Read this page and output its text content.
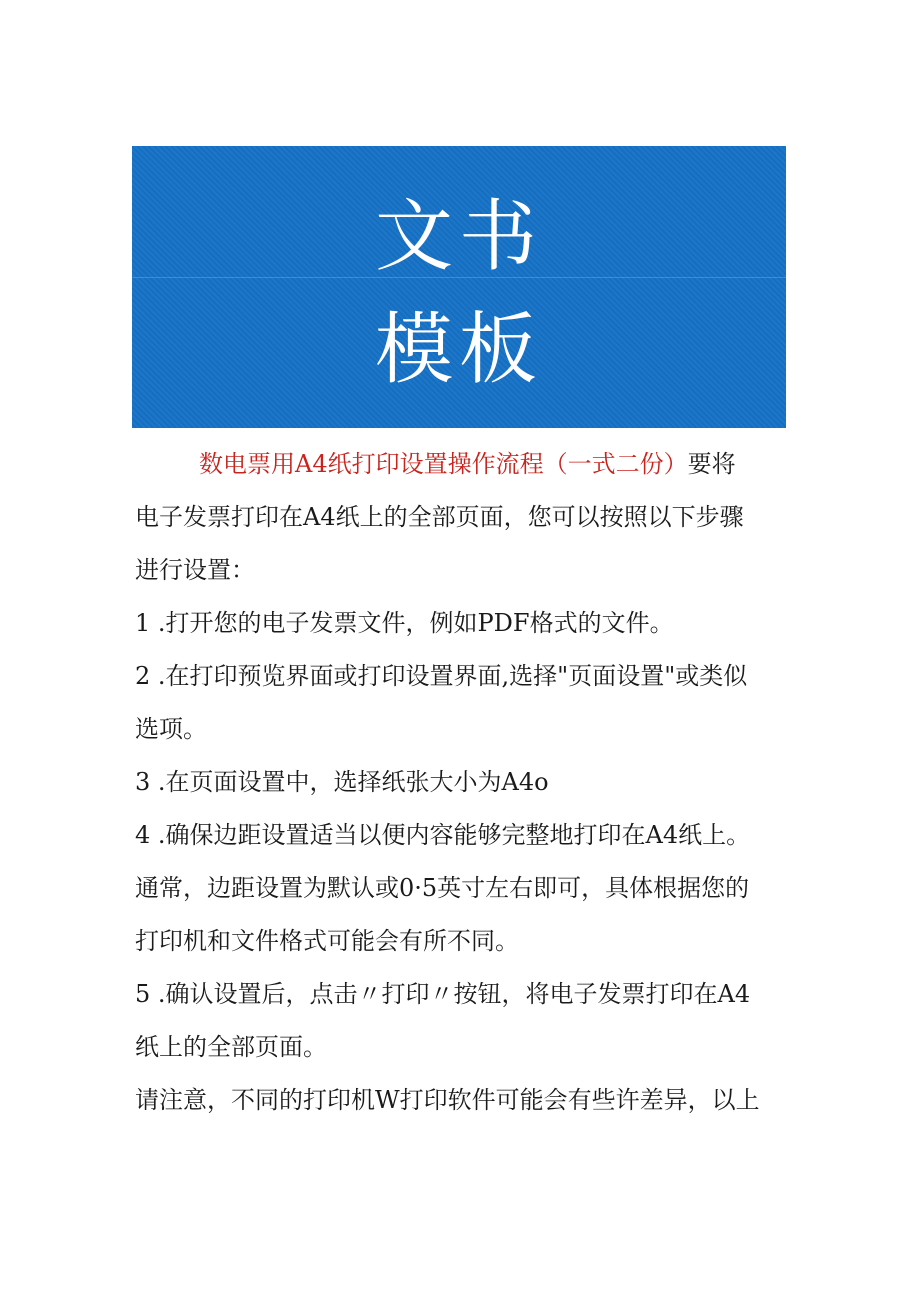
文书
模板
数电票用A4纸打印设置操作流程（一式二份）要将
电子发票打印在A4纸上的全部页面，您可以按照以下步骤
进行设置：
1 .打开您的电子发票文件，例如PDF格式的文件。
2 .在打印预览界面或打印设置界面,选择"页面设置"或类似
选项。
3 .在页面设置中，选择纸张大小为A4o
4 .确保边距设置适当以便内容能够完整地打印在A4纸上。
通常，边距设置为默认或0·5英寸左右即可，具体根据您的
打印机和文件格式可能会有所不同。
5 .确认设置后，点击〃打印〃按钮，将电子发票打印在A4
纸上的全部页面。
请注意，不同的打印机W打印软件可能会有些许差异，以上
